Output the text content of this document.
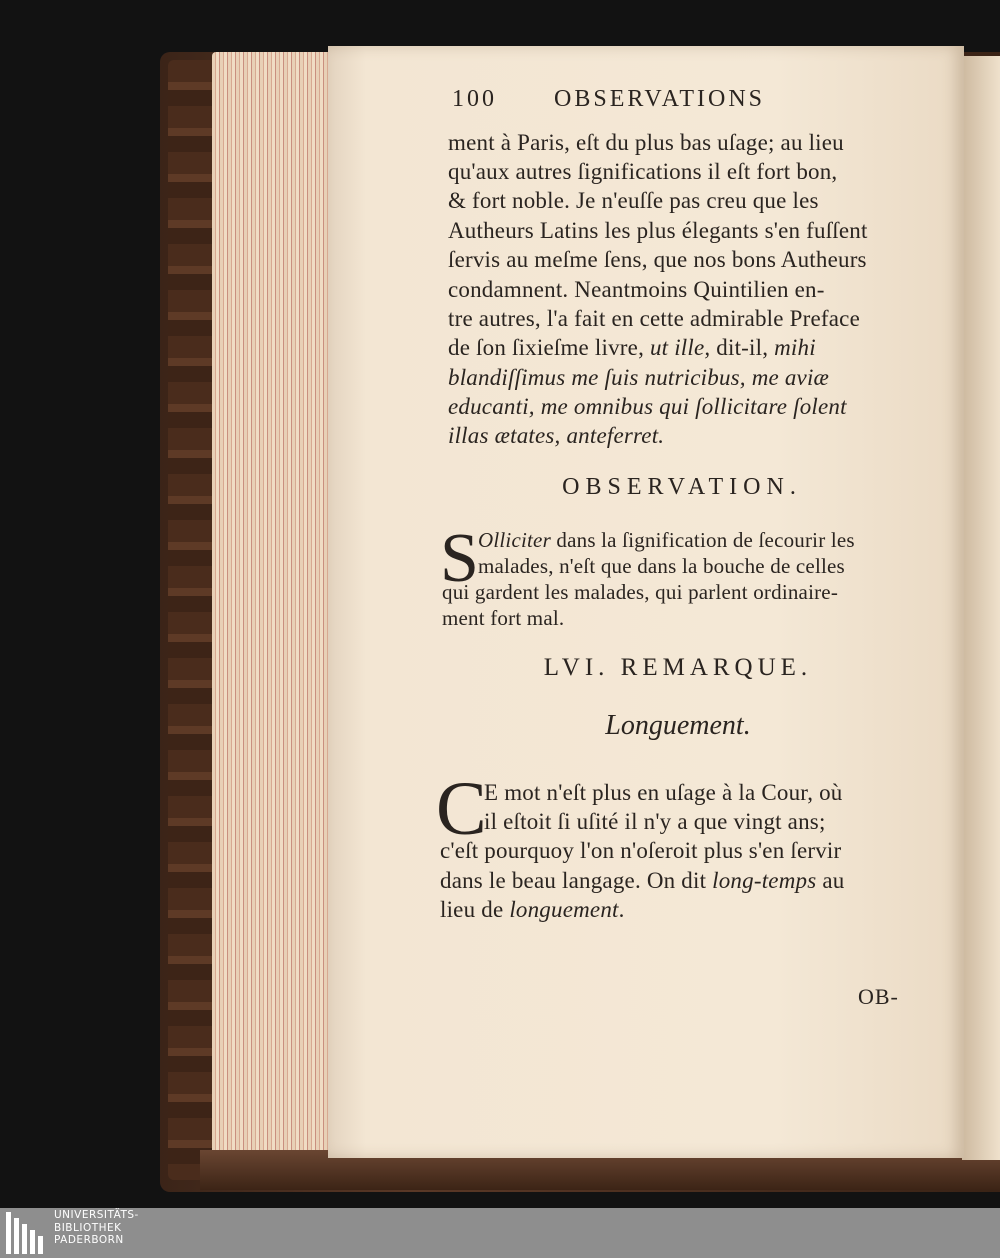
100 OBSERVATIONS
ment à Paris, eſt du plus bas uſage; au lieu
qu'aux autres ſignifications il eſt fort bon,
& fort noble. Je n'euſſe pas creu que les
Autheurs Latins les plus élegants s'en fuſſent
ſervis au meſme ſens, que nos bons Autheurs
condamnent. Neantmoins Quintilien en-
tre autres, l'a fait en cette admirable Preface
de ſon ſixieſme livre, ut ille, dit-il, mihi
blandiſſimus me ſuis nutricibus, me aviæ
educanti, me omnibus qui ſollicitare ſolent
illas ætates, anteferret.
OBSERVATION.
S Olliciter dans la ſignification de ſecourir les
malades, n'eſt que dans la bouche de celles
qui gardent les malades, qui parlent ordinaire-
ment fort mal.
LVI. REMARQUE.
Longuement.
C
E mot n'eſt plus en uſage à la Cour, où
il eſtoit ſi uſité il n'y a que vingt ans;
c'eſt pourquoy l'on n'oſeroit plus s'en ſervir
dans le beau langage. On dit long-temps au
lieu de longuement.
OB-
UNIVERSITÄTS-
BIBLIOTHEK
PADERBORN
